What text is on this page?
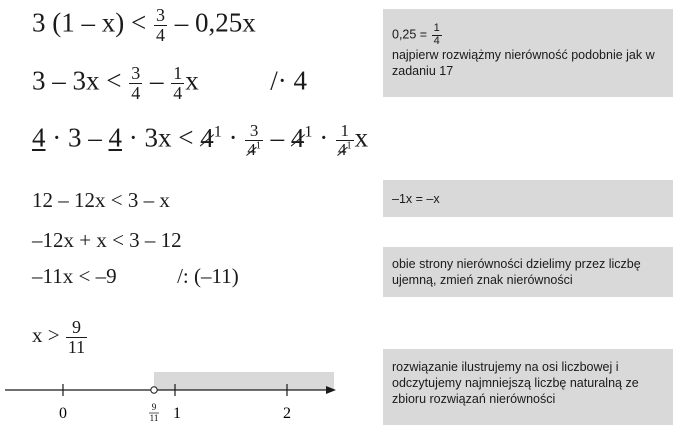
3 $(1 - x) < \frac{3}{4} - 0,25x$
$3 - 3x < \frac{3}{4} - \frac{1}{4}$ x	/· 4
$4 \cdot 3 - 4 \cdot 3x < 4^1 \cdot \frac{3}{4^1} - 4^1 \cdot \frac{1}{4^1}$ x
12 – 12x < 3 – x
–12x + x < 3 – 12
–11x < –9	/: (–11)
$x > \frac{9}{11}$
$0,25 = \frac{1}{4}$
najpierw rozwiążmy nierówność podobnie jak w zadaniu 17
–1x = –x
obie strony nierówności dzielimy przez liczbę ujemną, zmień znak nierówności
rozwiązanie ilustrujemy na osi liczbowej i odczytujemy najmniejszą liczbę naturalną ze zbioru rozwiązań nierówności
0	1	2
9
11
